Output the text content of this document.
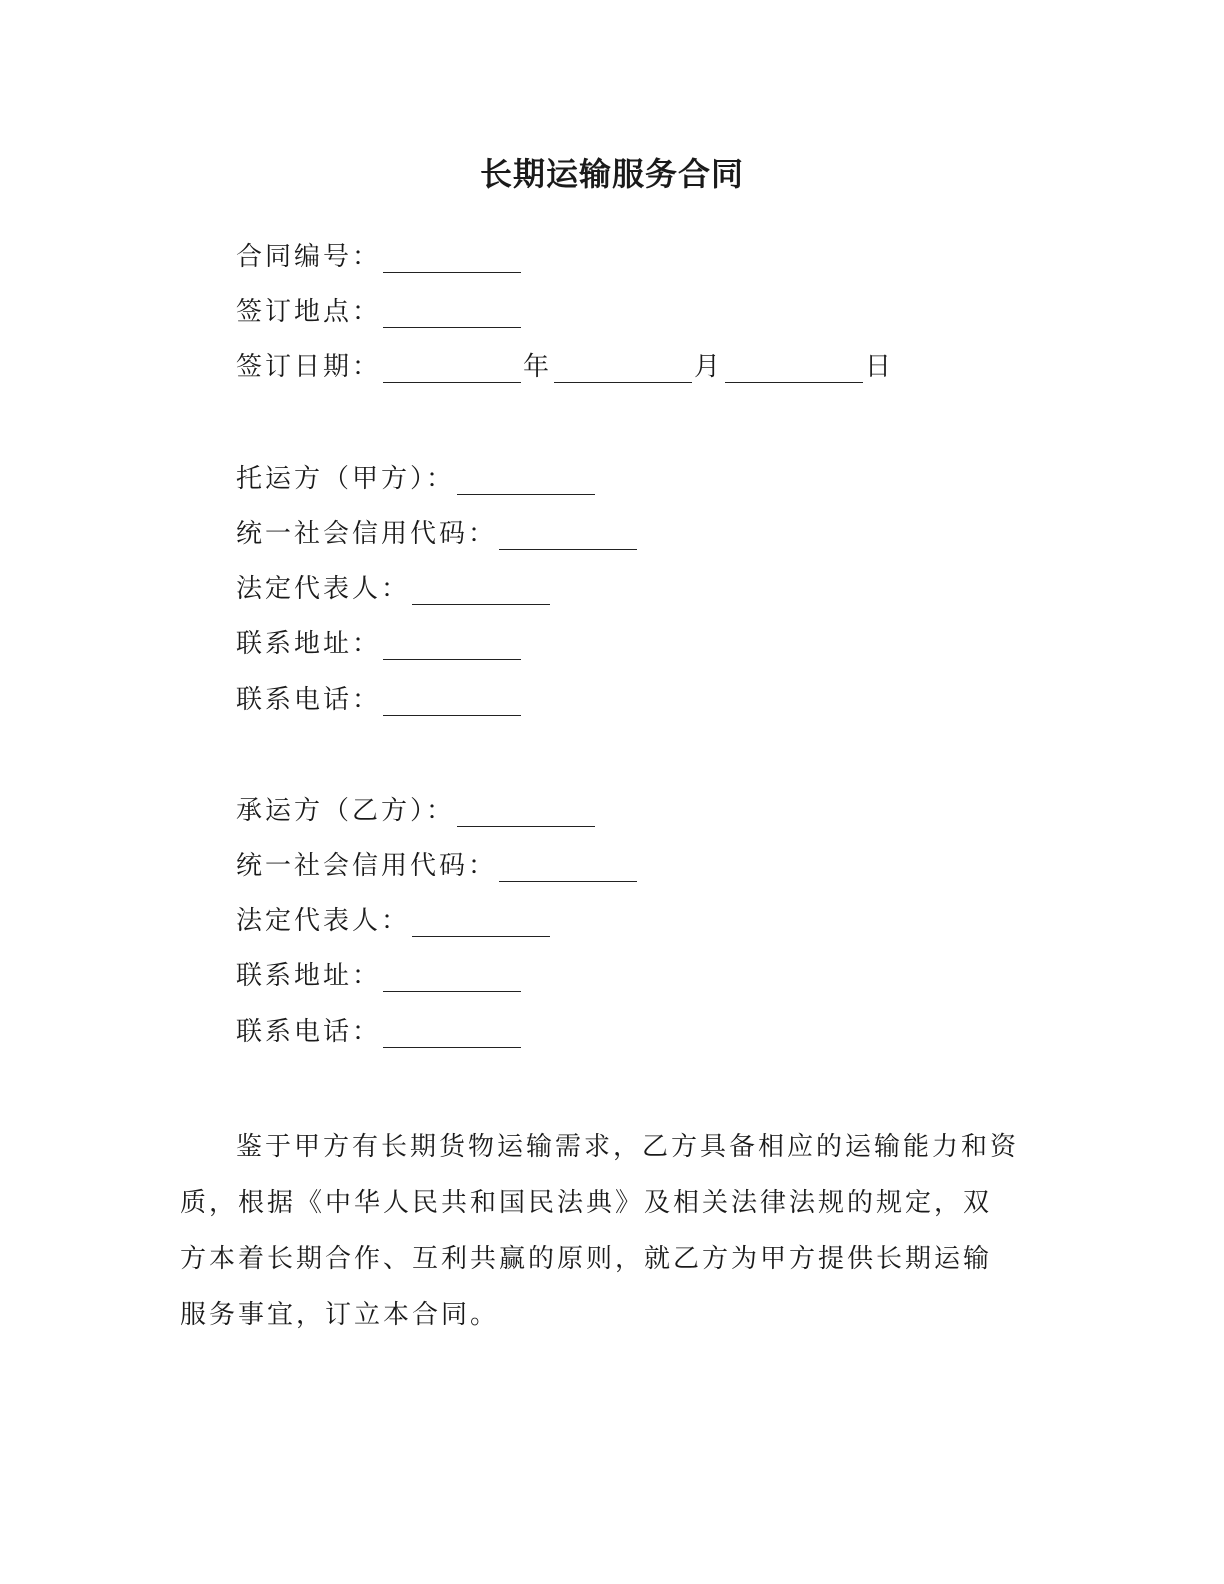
长期运输服务合同
合同编号：
签订地点：
签订日期：	年	月	日
托运方（甲方）：
统一社会信用代码：
法定代表人：
联系地址：
联系电话：
承运方（乙方）：
统一社会信用代码：
法定代表人：
联系地址：
联系电话：

鉴于甲方有长期货物运输需求，乙方具备相应的运输能力和资质，根据《中华人民共和国民法典》及相关法律法规的规定，双方本着长期合作、互利共赢的原则，就乙方为甲方提供长期运输服务事宜，订立本合同。
